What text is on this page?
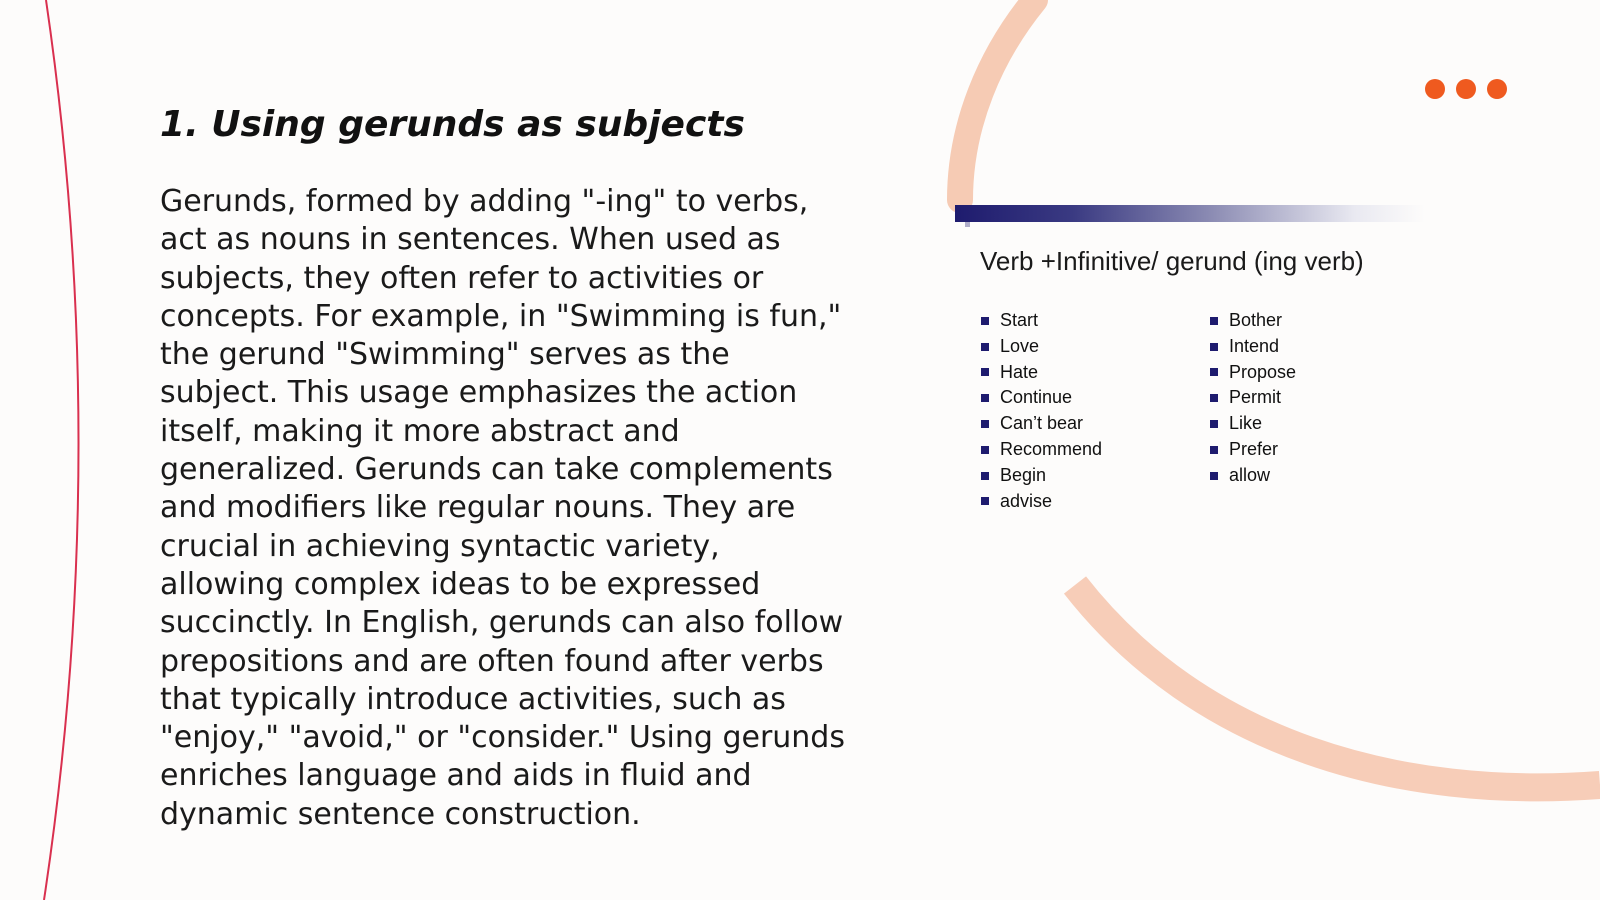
1. Using gerunds as subjects

Gerunds, formed by adding "-ing" to verbs, act as nouns in sentences. When used as subjects, they often refer to activities or concepts. For example, in "Swimming is fun," the gerund "Swimming" serves as the subject. This usage emphasizes the action itself, making it more abstract and generalized. Gerunds can take complements and modifiers like regular nouns. They are crucial in achieving syntactic variety, allowing complex ideas to be expressed succinctly. In English, gerunds can also follow prepositions and are often found after verbs that typically introduce activities, such as "enjoy," "avoid," or "consider." Using gerunds enriches language and aids in fluid and dynamic sentence construction.

Verb +Infinitive/ gerund (ing verb)
Start
Love
Hate
Continue
Can’t bear
Recommend
Begin
advise
Bother
Intend
Propose
Permit
Like
Prefer
allow
